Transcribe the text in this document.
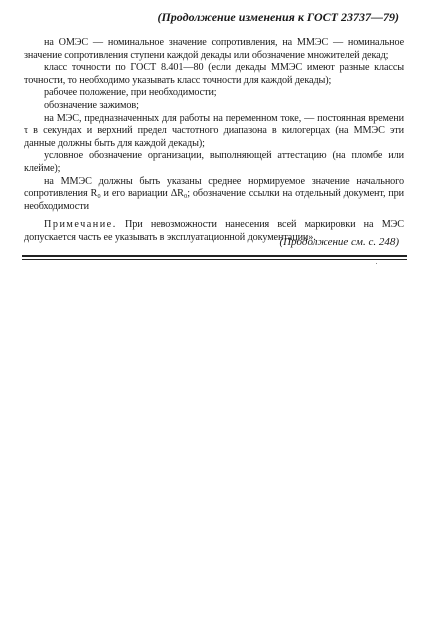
(Продолжение изменения к ГОСТ 23737—79)

на ОМЭС — номинальное значение сопротивления, на ММЭС — номинальное значение сопротивления ступени каждой декады или обозначение множителей декад;

класс точности по ГОСТ 8.401—80 (если декады ММЭС имеют разные классы точности, то необходимо указывать класс точности для каждой декады);

рабочее положение, при необходимости;

обозначение зажимов;

на МЭС, предназначенных для работы на переменном токе, — постоянная времени τ в секундах и верхний предел частотного диапазона в килогерцах (на ММЭС эти данные должны быть для каждой декады);

условное обозначение организации, выполняющей аттестацию (на пломбе или клейме);

на ММЭС должны быть указаны среднее нормируемое значение начального сопротивления R₀ и его вариации ΔR₀; обозначение ссылки на отдельный документ, при необходимости

Примечание. При невозможности нанесения всей маркировки на МЭС допускается часть ее указывать в эксплуатационной документации».

(Продолжение см. с. 248)
